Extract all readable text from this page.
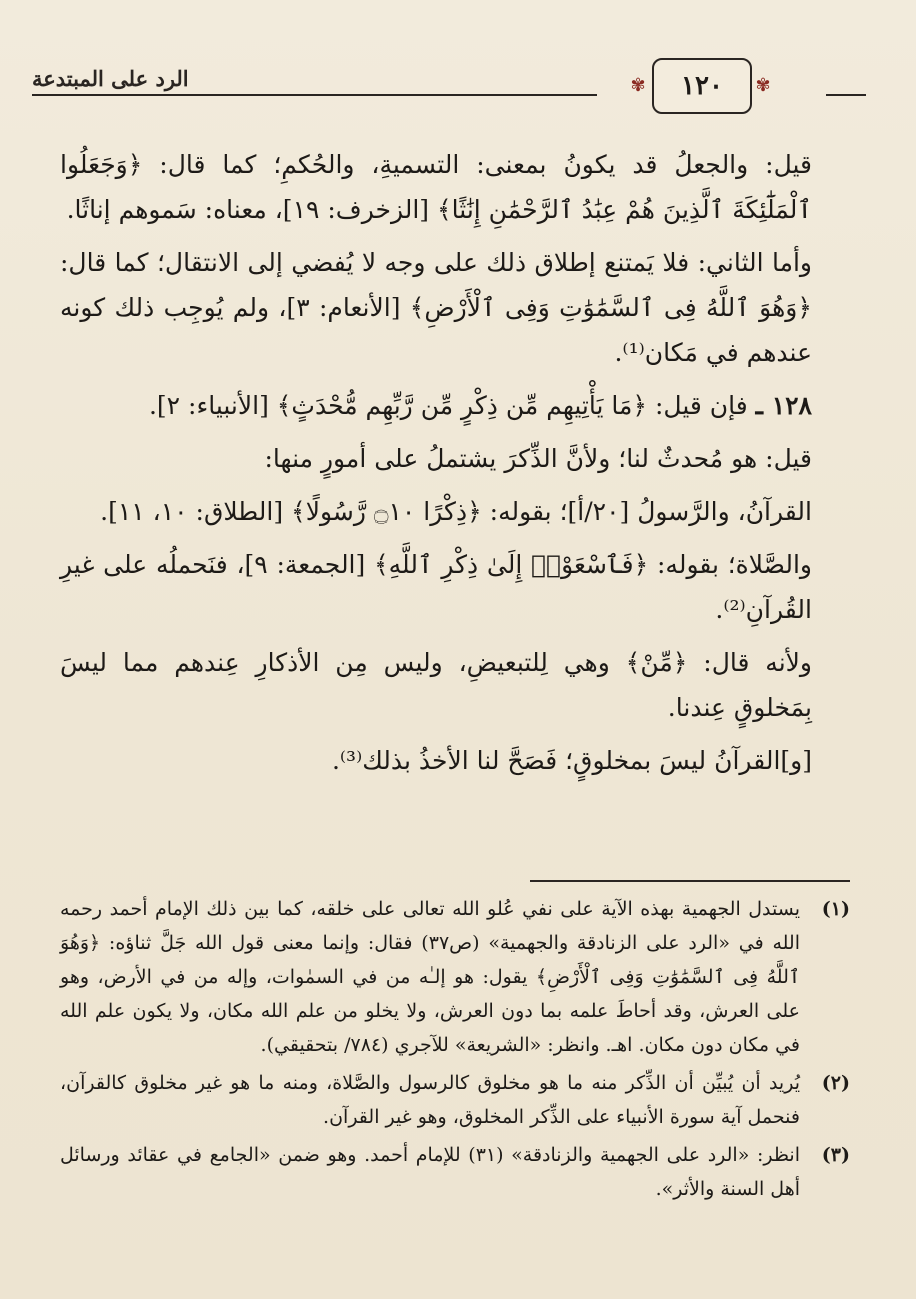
الرد على المبتدعة	✾	١٢٠	✾

قيل: والجعلُ قد يكونُ بمعنى: التسميةِ، والحُكمِ؛ كما قال: ﴿وَجَعَلُوا ٱلْمَلَٰٓئِكَةَ ٱلَّذِينَ هُمْ عِبَٰدُ ٱلرَّحْمَٰنِ إِنَٰثًا﴾ [الزخرف: ١٩]، معناه: سَموهم إناثًا.

وأما الثاني: فلا يَمتنع إطلاق ذلك على وجه لا يُفضي إلى الانتقال؛ كما قال: ﴿وَهُوَ ٱللَّهُ فِى ٱلسَّمَٰوَٰتِ وَفِى ٱلْأَرْضِ﴾ [الأنعام: ٣]، ولم يُوجِب ذلك كونه عندهم في مَكان⁽¹⁾.

١٢٨ ـ فإن قيل: ﴿مَا يَأْتِيهِم مِّن ذِكْرٍ مِّن رَّبِّهِم مُّحْدَثٍ﴾ [الأنبياء: ٢].

قيل: هو مُحدثٌ لنا؛ ولأنَّ الذِّكرَ يشتملُ على أمورٍ منها:

القرآنُ، والرَّسولُ [٢٠/أ]؛ بقوله: ﴿ذِكْرًا ۝١٠ رَّسُولًا﴾ [الطلاق: ١٠، ١١].

والصَّلاة؛ بقوله: ﴿فَٱسْعَوْا۟ إِلَىٰ ذِكْرِ ٱللَّهِ﴾ [الجمعة: ٩]، فنَحملُه على غيرِ القُرآنِ⁽²⁾.

ولأنه قال: ﴿مِّنْ﴾ وهي لِلتبعيضِ، وليس مِن الأذكارِ عِندهم مما ليسَ بِمَخلوقٍ عِندنا.

[و]القرآنُ ليسَ بمخلوقٍ؛ فَصَحَّ لنا الأخذُ بذلك⁽³⁾.

(١)
يستدل الجهمية بهذه الآية على نفي عُلو الله تعالى على خلقه، كما بين ذلك الإمام أحمد رحمه الله في «الرد على الزنادقة والجهمية» (ص٣٧) فقال: وإنما معنى قول الله جَلَّ ثناؤه: ﴿وَهُوَ ٱللَّهُ فِى ٱلسَّمَٰوَٰتِ وَفِى ٱلْأَرْضِ﴾ يقول: هو إلـٰه من في السمٰوات، وإله من في الأرض، وهو على العرش، وقد أحاطَ علمه بما دون العرش، ولا يخلو من علم الله مكان، ولا يكون علم الله في مكان دون مكان. اهـ. وانظر: «الشريعة» للآجري (٧٨٤/ بتحقيقي).
(٢)
يُريد أن يُبيِّن أن الذِّكر منه ما هو مخلوق كالرسول والصَّلاة، ومنه ما هو غير مخلوق كالقرآن، فنحمل آية سورة الأنبياء على الذِّكر المخلوق، وهو غير القرآن.
(٣)
انظر: «الرد على الجهمية والزنادقة» (٣١) للإمام أحمد. وهو ضمن «الجامع في عقائد ورسائل أهل السنة والأثر».
